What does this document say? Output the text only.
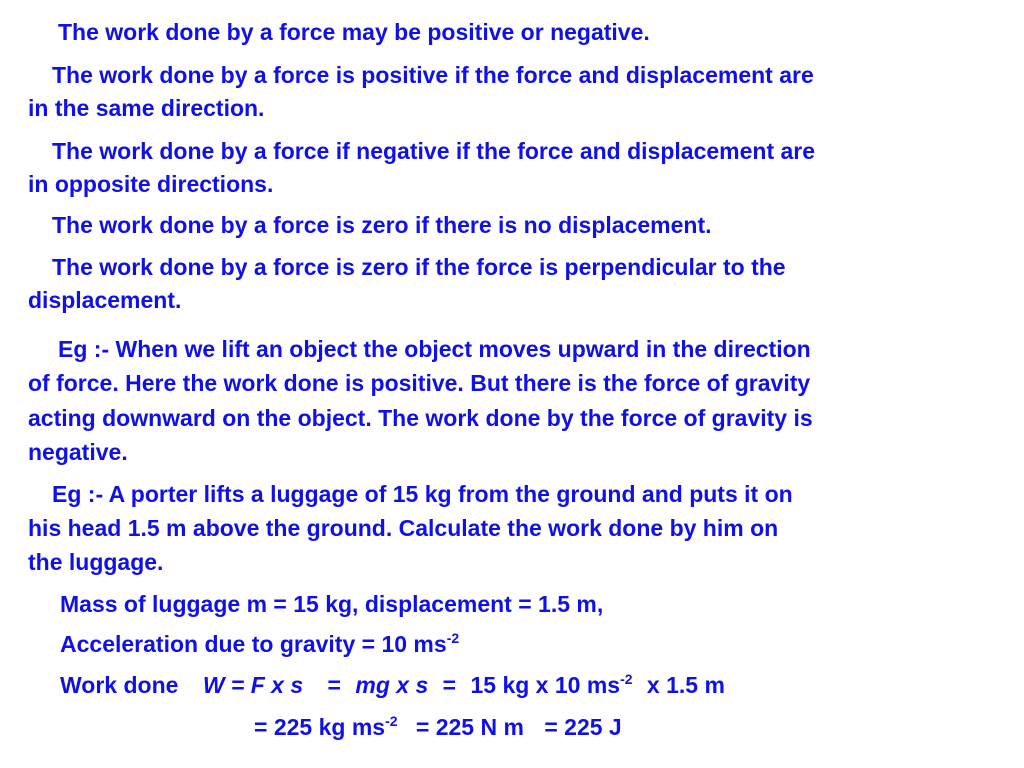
The work done by a force may be positive or negative.
The work done by a force is positive if the force and displacement are
in the same direction.
The work done by a force if negative if the force and displacement are
in opposite directions.
The work done by a force is zero if there is no displacement.
The work done by a force is zero if the force is perpendicular to the
displacement.
Eg :- When we lift an object the object moves upward in the direction
of force. Here the work done is positive. But there is the force of gravity
acting downward on the object. The work done by the force of gravity is
negative.
Eg :- A porter lifts a luggage of 15 kg from the ground and puts it on
his head 1.5 m above the ground. Calculate the work done by him on
the luggage.
Mass of luggage m = 15 kg, displacement = 1.5 m,
Acceleration due to gravity = 10 $ms^{-2}$
Work done W = F x s = mg x s = 15 kg x 10 $ms^{-2}$ x 1.5 m
= 225 kg $ms^{-2} = 225$ N m = 225 J
